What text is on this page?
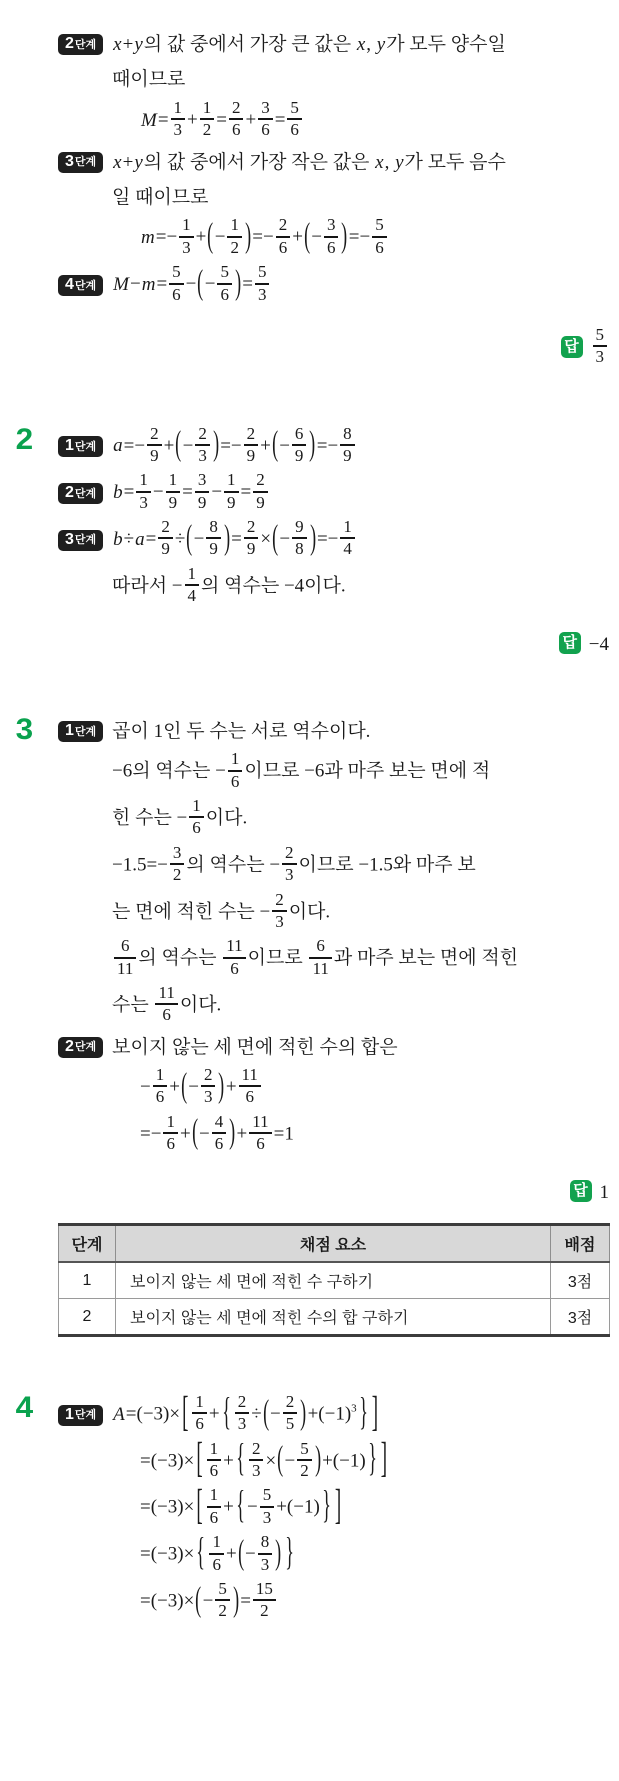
2 단계 x+y의 값 중에서 가장 큰 값은 x, y가 모두 양수일
때이므로
$M= \frac{1}{3} + \frac{1}{2} = \frac{2}{6} + \frac{3}{6} = \frac{5}{6}$
3 단계 x+y의 값 중에서 가장 작은 값은 x, y가 모두 음수
일 때이므로
$m=- \frac{1}{3}$ +(− $\frac{1}{2}$ )=− $\frac{2}{6}$ +(− $\frac{3}{6}$ )=− $\frac{5}{6}$
4 단계 $M-m= \frac{5}{6}$ −(− $\frac{5}{6}$ )= $\frac{5}{3}$
답 $\frac{5}{3}$
2 1 단계 $a=- \frac{2}{9}$ +(− $\frac{2}{3}$ )=− $\frac{2}{9}$ +(− $\frac{6}{9}$ )=− $\frac{8}{9}$
2 단계 $b= \frac{1}{3} - \frac{1}{9} = \frac{3}{9} - \frac{1}{9} = \frac{2}{9}$
3 단계 $b\div a= \frac{2}{9}$ ÷(− $\frac{8}{9}$ )= $\frac{2}{9}$ ×(− $\frac{9}{8}$ )=− $\frac{1}{4}$
따라서 − $\frac{1}{4}$ 의 역수는 −4이다.
답 −4
3 1 단계 곱이 1인 두 수는 서로 역수이다.
−6의 역수는 − $\frac{1}{6}$ 이므로 −6과 마주 보는 면에 적
힌 수는 − $\frac{1}{6}$ 이다.
$-1.5=- \frac{3}{2}$ 의 역수는 − $\frac{2}{3}$ 이므로 −1.5와 마주 보
는 면에 적힌 수는 − $\frac{2}{3}$ 이다.
$\frac{6}{11}$ 의 역수는 $\frac{11}{6}$ 이므로 $\frac{6}{11}$ 과 마주 보는 면에 적힌
수는 $\frac{11}{6}$ 이다.
2 단계 보이지 않는 세 면에 적힌 수의 합은
− $\frac{1}{6}$ +(− $\frac{2}{3}$ )+ $\frac{11}{6}$
=− $\frac{1}{6}$ +(− $\frac{4}{6}$ )+ $\frac{11}{6} =1$
답 1
단계	채점 요소	배점
1	보이지 않는 세 면에 적힌 수 구하기	3점
2	보이지 않는 세 면에 적힌 수의 합 구하기	3점
4 1 단계 A=(−3)× [ $\frac{1}{6}$ + { $\frac{2}{3}$ ÷(− $\frac{2}{5} )+(-1)^3$ } ]
=(−3)× [ $\frac{1}{6}$ + { $\frac{2}{3}$ ×(− $\frac{5}{2} )+(-1)$ } ]
=(−3)× [ $\frac{1}{6}$ + { − $\frac{5}{3} +(-1)$ } ]
=(−3)× { $\frac{1}{6}$ +(− $\frac{8}{3}$ ) }
$=(-3)\times(- \frac{5}{2}$ )= $\frac{15}{2}$
